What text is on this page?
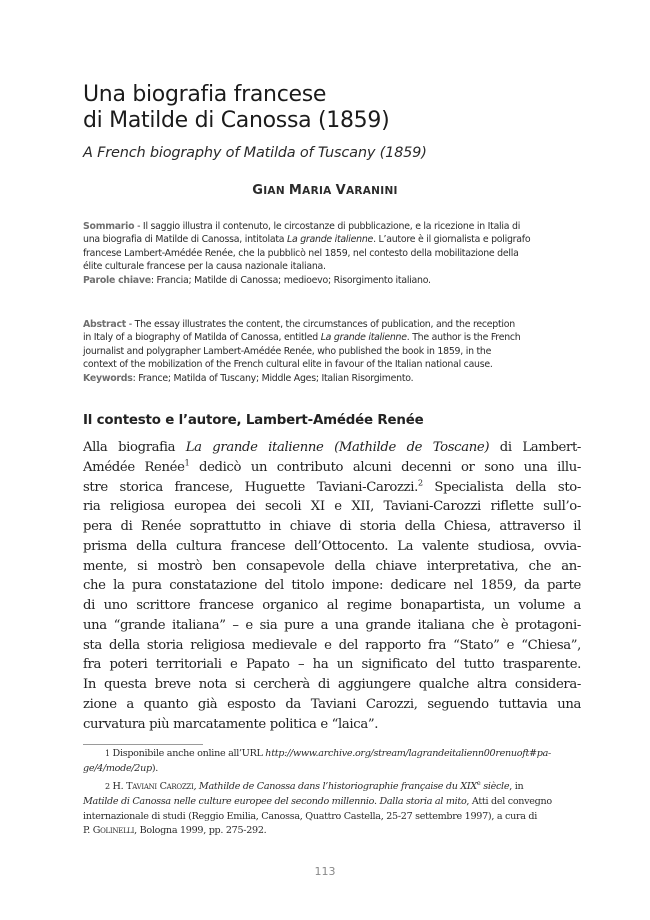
Una biografia francese
di Matilde di Canossa (1859)
A French biography of Matilda of Tuscany (1859)
GIAN MARIA VARANINI
Sommario - Il saggio illustra il contenuto, le circostanze di pubblicazione, e la ricezione in Italia di
una biografia di Matilde di Canossa, intitolata La grande italienne. L’autore è il giornalista e poligrafo
francese Lambert-Amédée Renée, che la pubblicò nel 1859, nel contesto della mobilitazione della
élite culturale francese per la causa nazionale italiana.
Parole chiave: Francia; Matilde di Canossa; medioevo; Risorgimento italiano.
Abstract - The essay illustrates the content, the circumstances of publication, and the reception
in Italy of a biography of Matilda of Canossa, entitled La grande italienne. The author is the French
journalist and polygrapher Lambert-Amédée Renée, who published the book in 1859, in the
context of the mobilization of the French cultural elite in favour of the Italian national cause.
Keywords: France; Matilda of Tuscany; Middle Ages; Italian Risorgimento.
Il contesto e l’autore, Lambert-Amédée Renée
Alla biografia La grande italienne (Mathilde de Toscane) di Lambert-
Amédée Renée$^1$ dedicò un contributo alcuni decenni or sono una illu-
stre storica francese, Huguette Taviani-Carozzi.$^2$ Specialista della sto-
ria religiosa europea dei secoli XI e XII, Taviani-Carozzi riflette sull’o-
pera di Renée soprattutto in chiave di storia della Chiesa, attraverso il
prisma della cultura francese dell’Ottocento. La valente studiosa, ovvia-
mente, si mostrò ben consapevole della chiave interpretativa, che an-
che la pura constatazione del titolo impone: dedicare nel 1859, da parte
di uno scrittore francese organico al regime bonapartista, un volume a
una “grande italiana” – e sia pure a una grande italiana che è protagoni-
sta della storia religiosa medievale e del rapporto fra “Stato” e “Chiesa”,
fra poteri territoriali e Papato – ha un significato del tutto trasparente.
In questa breve nota si cercherà di aggiungere qualche altra considera-
zione a quanto già esposto da Taviani Carozzi, seguendo tuttavia una
curvatura più marcatamente politica e “laica”.
1 Disponibile anche online all’URL http://www.archive.org/stream/lagrandeitalienn00renuoft#pa-
ge/4/mode/2up).
2 H. Taviani Carozzi, Mathilde de Canossa dans l’historiographie française du XIXe siècle, in
Matilde di Canossa nelle culture europee del secondo millennio. Dalla storia al mito, Atti del convegno
internazionale di studi (Reggio Emilia, Canossa, Quattro Castella, 25-27 settembre 1997), a cura di
P. Golinelli, Bologna 1999, pp. 275-292.
113
